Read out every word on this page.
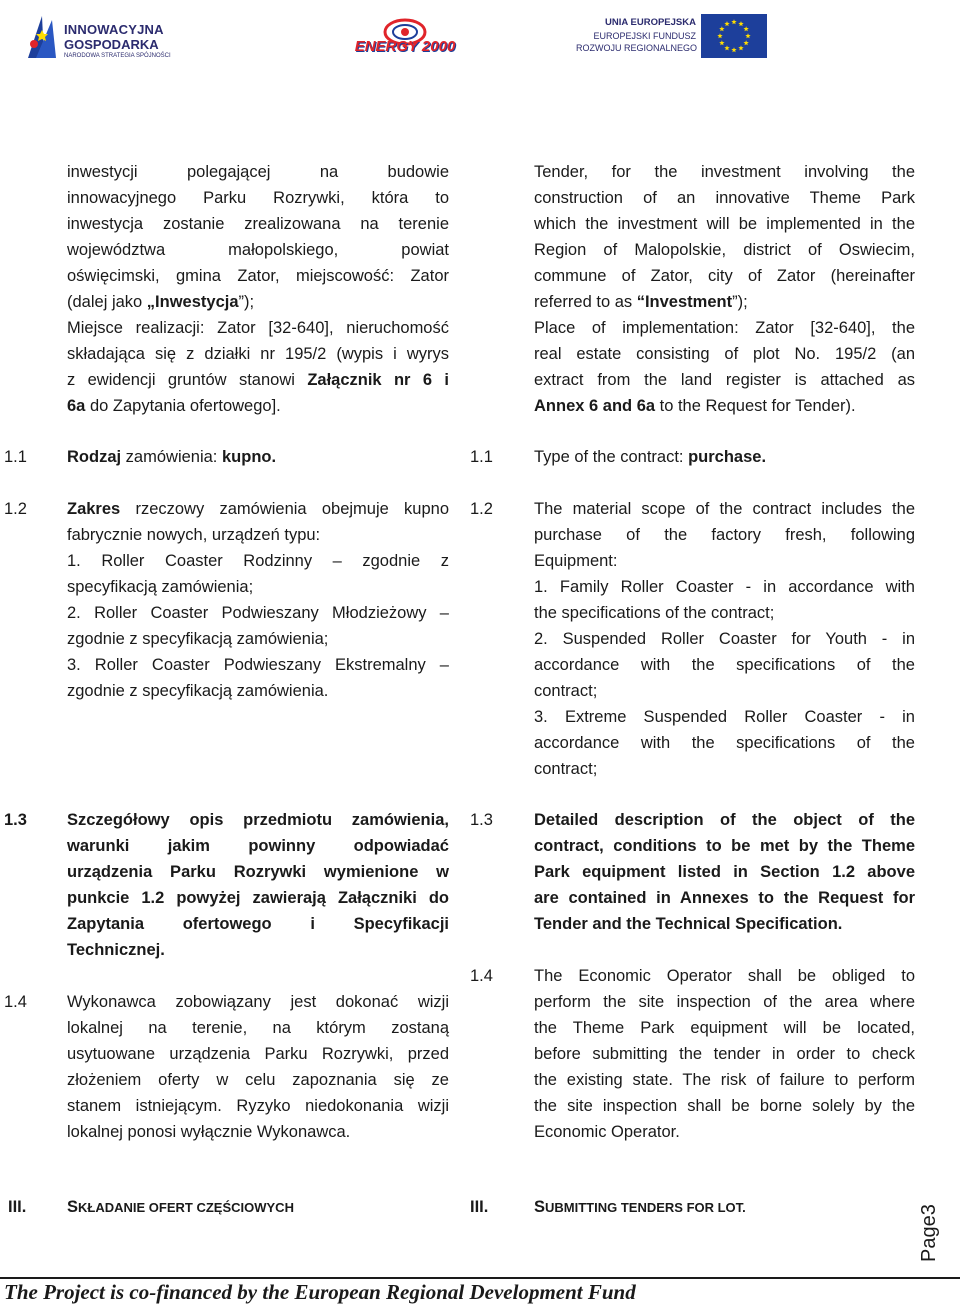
INNOWACYJNA
GOSPODARKA
NARODOWA STRATEGIA SPÓJNOŚCI
ENERGY 2000
UNIA EUROPEJSKA
EUROPEJSKI FUNDUSZ
ROZWOJU REGIONALNEGO
inwestycji polegającej na budowie
innowacyjnego Parku Rozrywki, która to
inwestycja zostanie zrealizowana na terenie
województwa małopolskiego, powiat
oświęcimski, gmina Zator, miejscowość: Zator
(dalej jako „Inwestycja”);
Miejsce realizacji: Zator [32-640], nieruchomość
składająca się z działki nr 195/2 (wypis i wyrys
z ewidencji gruntów stanowi Załącznik nr 6 i
6a do Zapytania ofertowego].
Tender, for the investment involving the
construction of an innovative Theme Park
which the investment will be implemented in the
Region of Malopolskie, district of Oswiecim,
commune of Zator, city of Zator (hereinafter
referred to as “Investment”);
Place of implementation: Zator [32-640], the
real estate consisting of plot No. 195/2 (an
extract from the land register is attached as
Annex 6 and 6a to the Request for Tender).
1.1 Rodzaj zamówienia: kupno.	1.1 Type of the contract: purchase.
1.2 Zakres rzeczowy zamówienia obejmuje kupno
fabrycznie nowych, urządzeń typu:
1. Roller Coaster Rodzinny – zgodnie z
specyfikacją zamówienia;
2. Roller Coaster Podwieszany Młodzieżowy –
zgodnie z specyfikacją zamówienia;
3. Roller Coaster Podwieszany Ekstremalny –
zgodnie z specyfikacją zamówienia.
1.2 The material scope of the contract includes the
purchase of the factory fresh, following
Equipment:
1. Family Roller Coaster - in accordance with
the specifications of the contract;
2. Suspended Roller Coaster for Youth - in
accordance with the specifications of the
contract;
3. Extreme Suspended Roller Coaster - in
accordance with the specifications of the
contract;
1.3 Szczegółowy opis przedmiotu zamówienia,
warunki jakim powinny odpowiadać
urządzenia Parku Rozrywki wymienione w
punkcie 1.2 powyżej zawierają Załączniki do
Zapytania ofertowego i Specyfikacji
Technicznej.
1.3 Detailed description of the object of the
contract, conditions to be met by the Theme
Park equipment listed in Section 1.2 above
are contained in Annexes to the Request for
Tender and the Technical Specification.
1.4 Wykonawca zobowiązany jest dokonać wizji
lokalnej na terenie, na którym zostaną
usytuowane urządzenia Parku Rozrywki, przed
złożeniem oferty w celu zapoznania się ze
stanem istniejącym. Ryzyko niedokonania wizji
lokalnej ponosi wyłącznie Wykonawca.
1.4 The Economic Operator shall be obliged to
perform the site inspection of the area where
the Theme Park equipment will be located,
before submitting the tender in order to check
the existing state. The risk of failure to perform
the site inspection shall be borne solely by the
Economic Operator.
III. SKŁADANIE OFERT CZĘŚCIOWYCH	III.	SUBMITTING TENDERS FOR LOT.	Page3
The Project is co-financed by the European Regional Development Fund
